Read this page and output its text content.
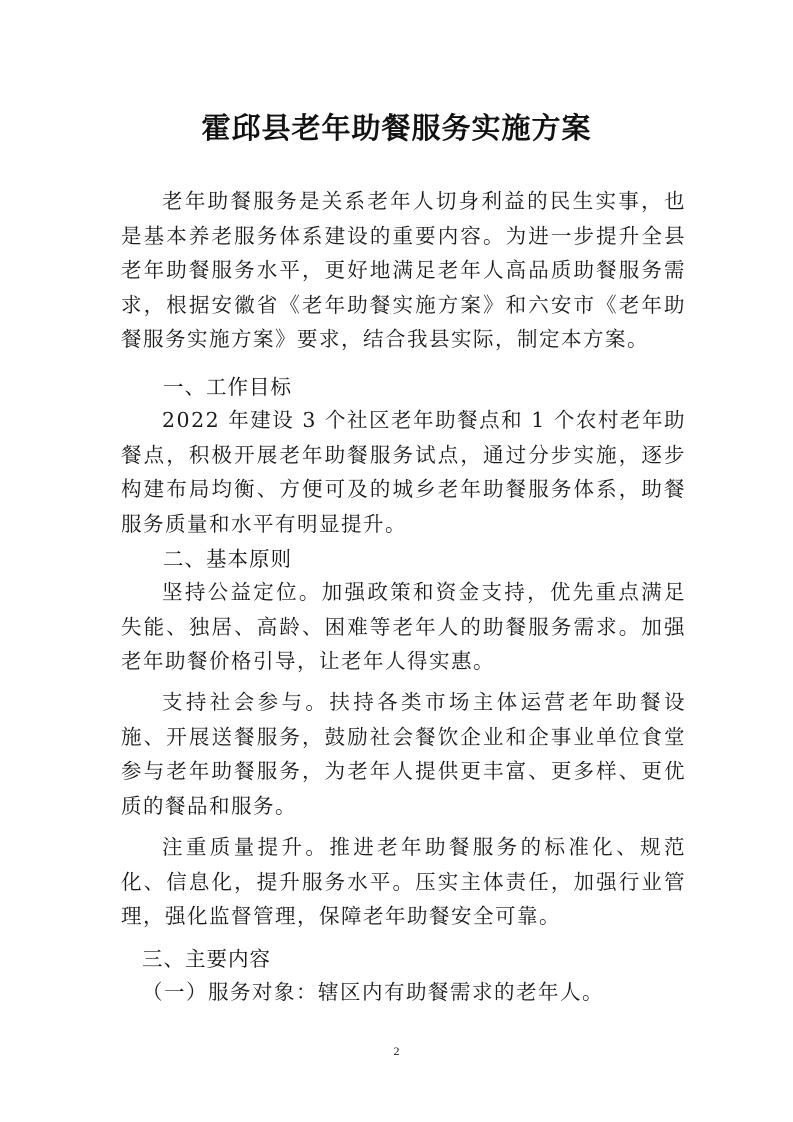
霍邱县老年助餐服务实施方案

老年助餐服务是关系老年人切身利益的民生实事，也是基本养老服务体系建设的重要内容。为进一步提升全县老年助餐服务水平，更好地满足老年人高品质助餐服务需求，根据安徽省《老年助餐实施方案》和六安市《老年助餐服务实施方案》要求，结合我县实际，制定本方案。

一、工作目标

2022 年建设 3 个社区老年助餐点和 1 个农村老年助餐点，积极开展老年助餐服务试点，通过分步实施，逐步构建布局均衡、方便可及的城乡老年助餐服务体系，助餐服务质量和水平有明显提升。

二、基本原则

坚持公益定位。加强政策和资金支持，优先重点满足失能、独居、高龄、困难等老年人的助餐服务需求。加强老年助餐价格引导，让老年人得实惠。

支持社会参与。扶持各类市场主体运营老年助餐设施、开展送餐服务，鼓励社会餐饮企业和企事业单位食堂参与老年助餐服务，为老年人提供更丰富、更多样、更优质的餐品和服务。

注重质量提升。推进老年助餐服务的标准化、规范化、信息化，提升服务水平。压实主体责任，加强行业管理，强化监督管理，保障老年助餐安全可靠。

三、主要内容

（一）服务对象：辖区内有助餐需求的老年人。

2
